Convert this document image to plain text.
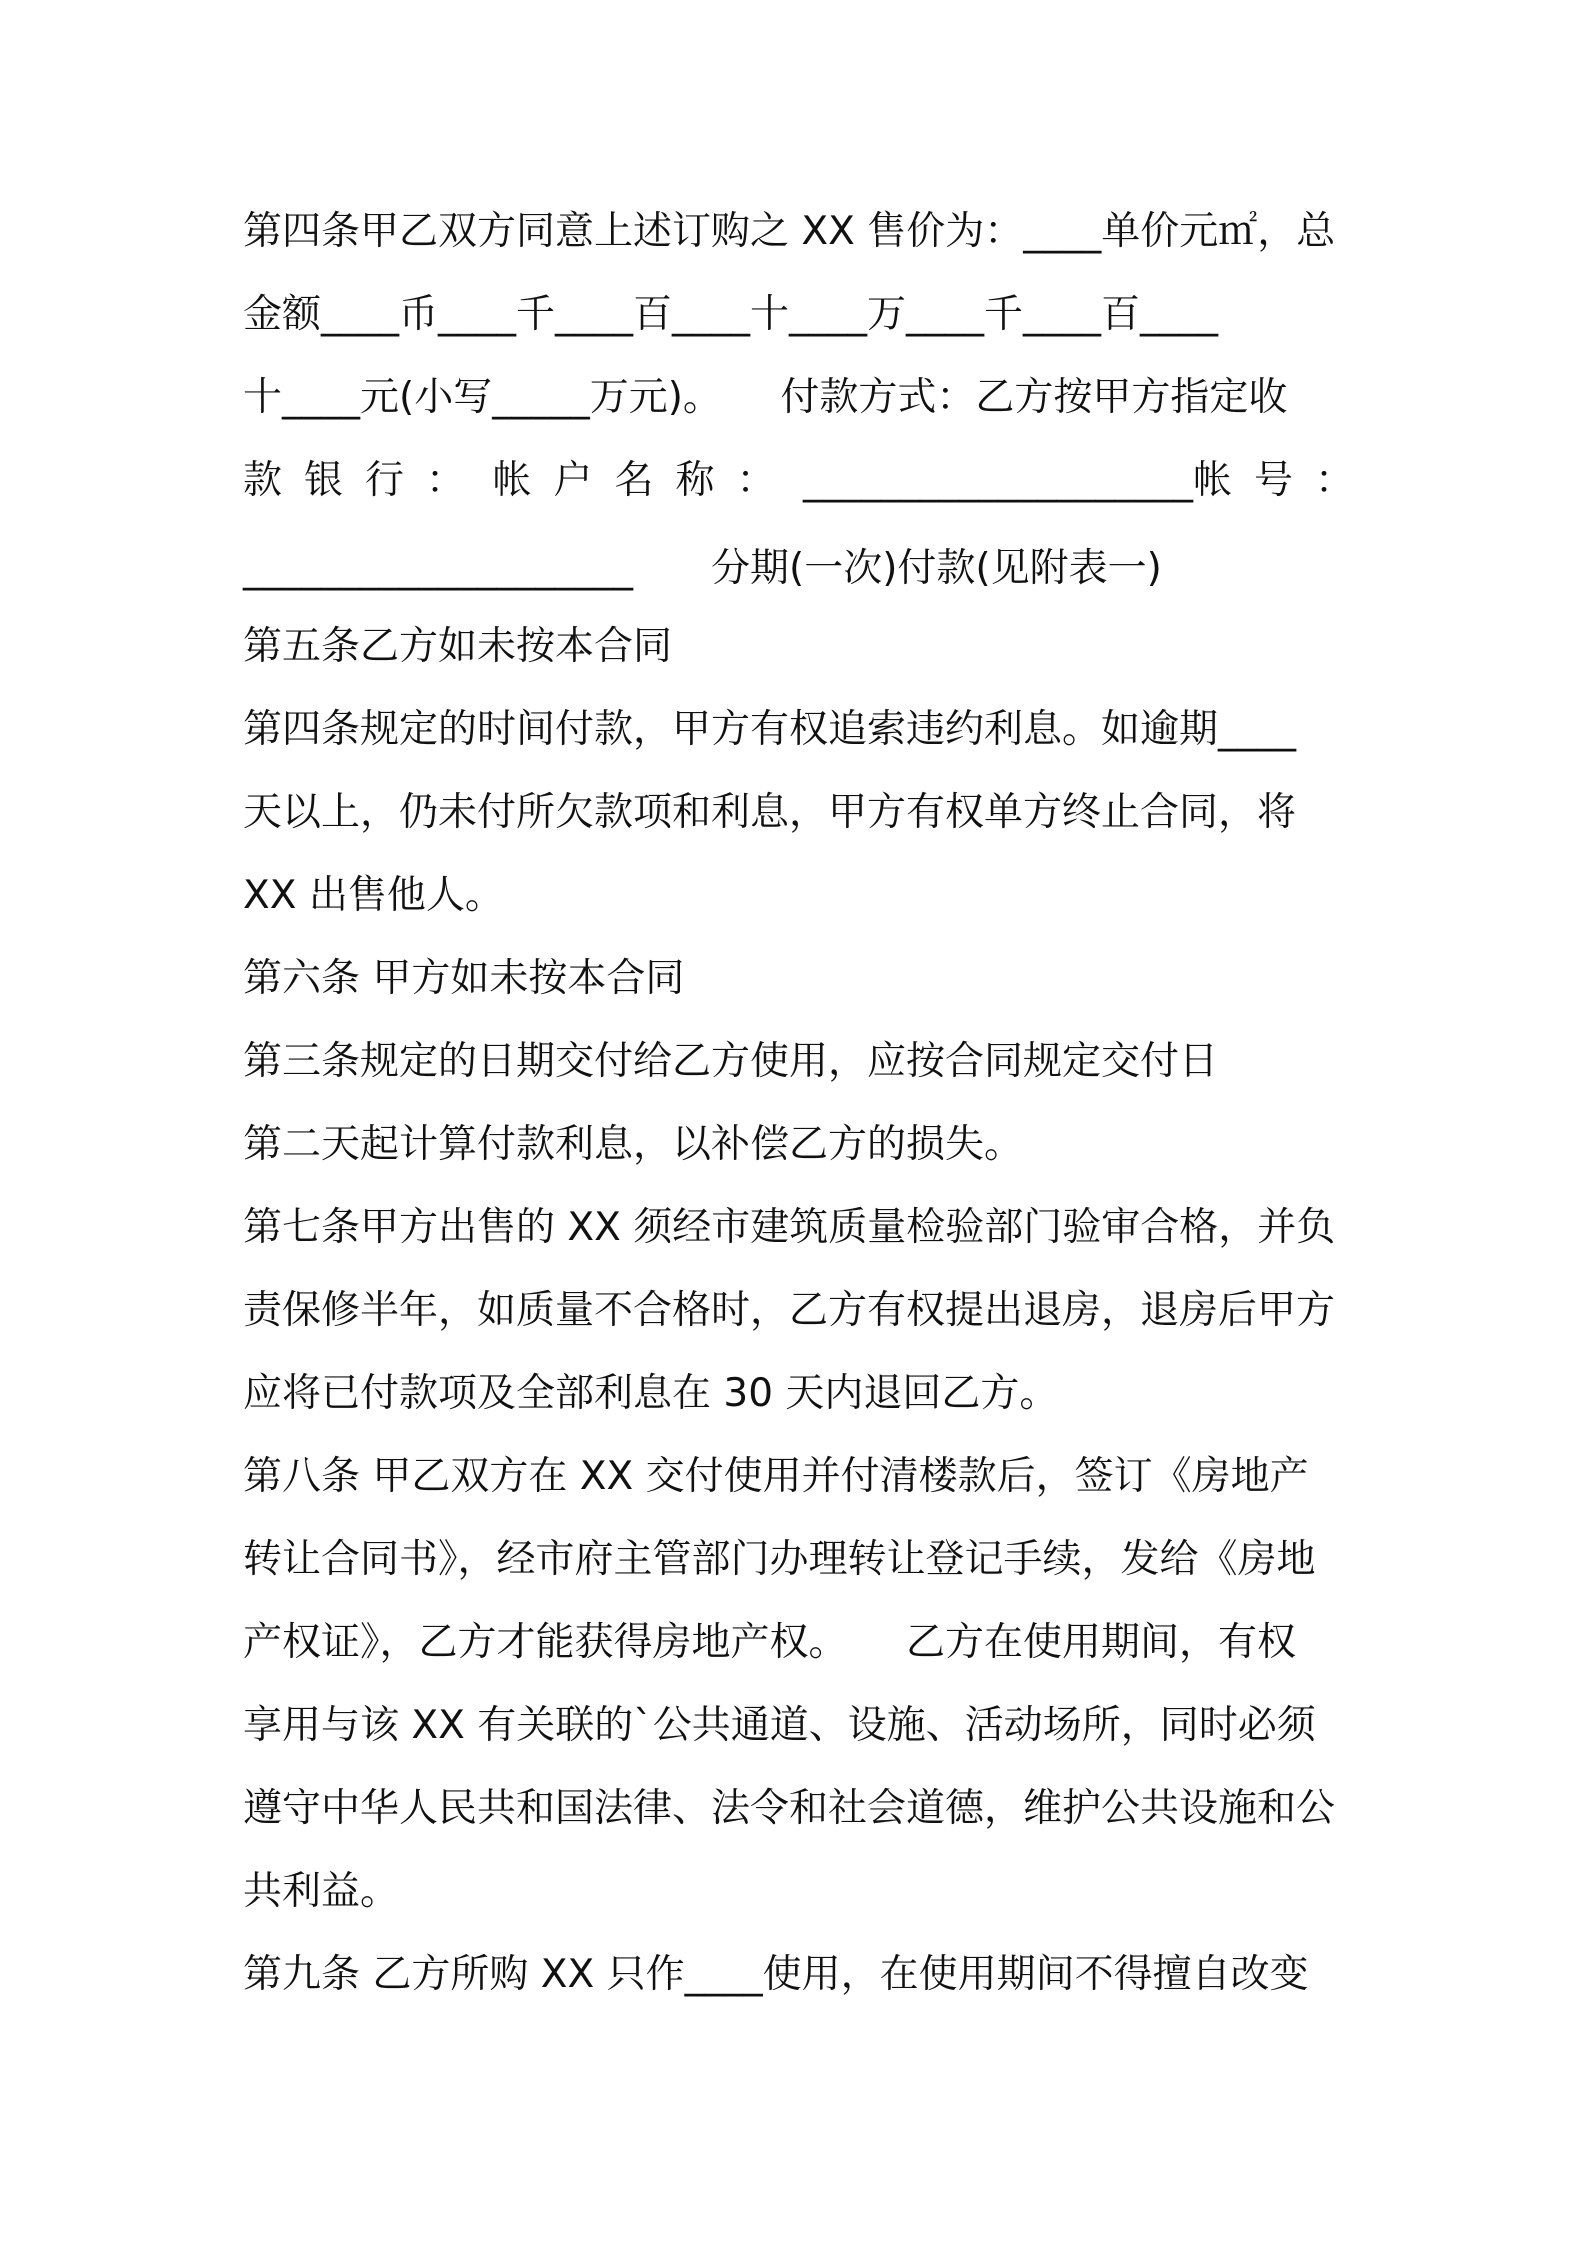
第四条甲乙双方同意上述订购之 XX 售价为：____单价元㎡，总
金额____币____千____百____十____万____千____百____
十____元(小写_____万元)。　　付款方式：乙方按甲方指定收
款 银 行 ： 帐 户 名 称 ： ____________________帐 号 ：
____________________　　分期(一次)付款(见附表一)
第五条乙方如未按本合同
第四条规定的时间付款，甲方有权追索违约利息。如逾期____
天以上，仍未付所欠款项和利息，甲方有权单方终止合同，将
XX 出售他人。
第六条 甲方如未按本合同
第三条规定的日期交付给乙方使用，应按合同规定交付日
第二天起计算付款利息，以补偿乙方的损失。
第七条甲方出售的 XX 须经市建筑质量检验部门验审合格，并负
责保修半年，如质量不合格时，乙方有权提出退房，退房后甲方
应将已付款项及全部利息在 30 天内退回乙方。
第八条 甲乙双方在 XX 交付使用并付清楼款后，签订《房地产
转让合同书》，经市府主管部门办理转让登记手续，发给《房地
产权证》，乙方才能获得房地产权。　　乙方在使用期间，有权
享用与该 XX 有关联的`公共通道、设施、活动场所，同时必须
遵守中华人民共和国法律、法令和社会道德，维护公共设施和公
共利益。
第九条 乙方所购 XX 只作____使用，在使用期间不得擅自改变
